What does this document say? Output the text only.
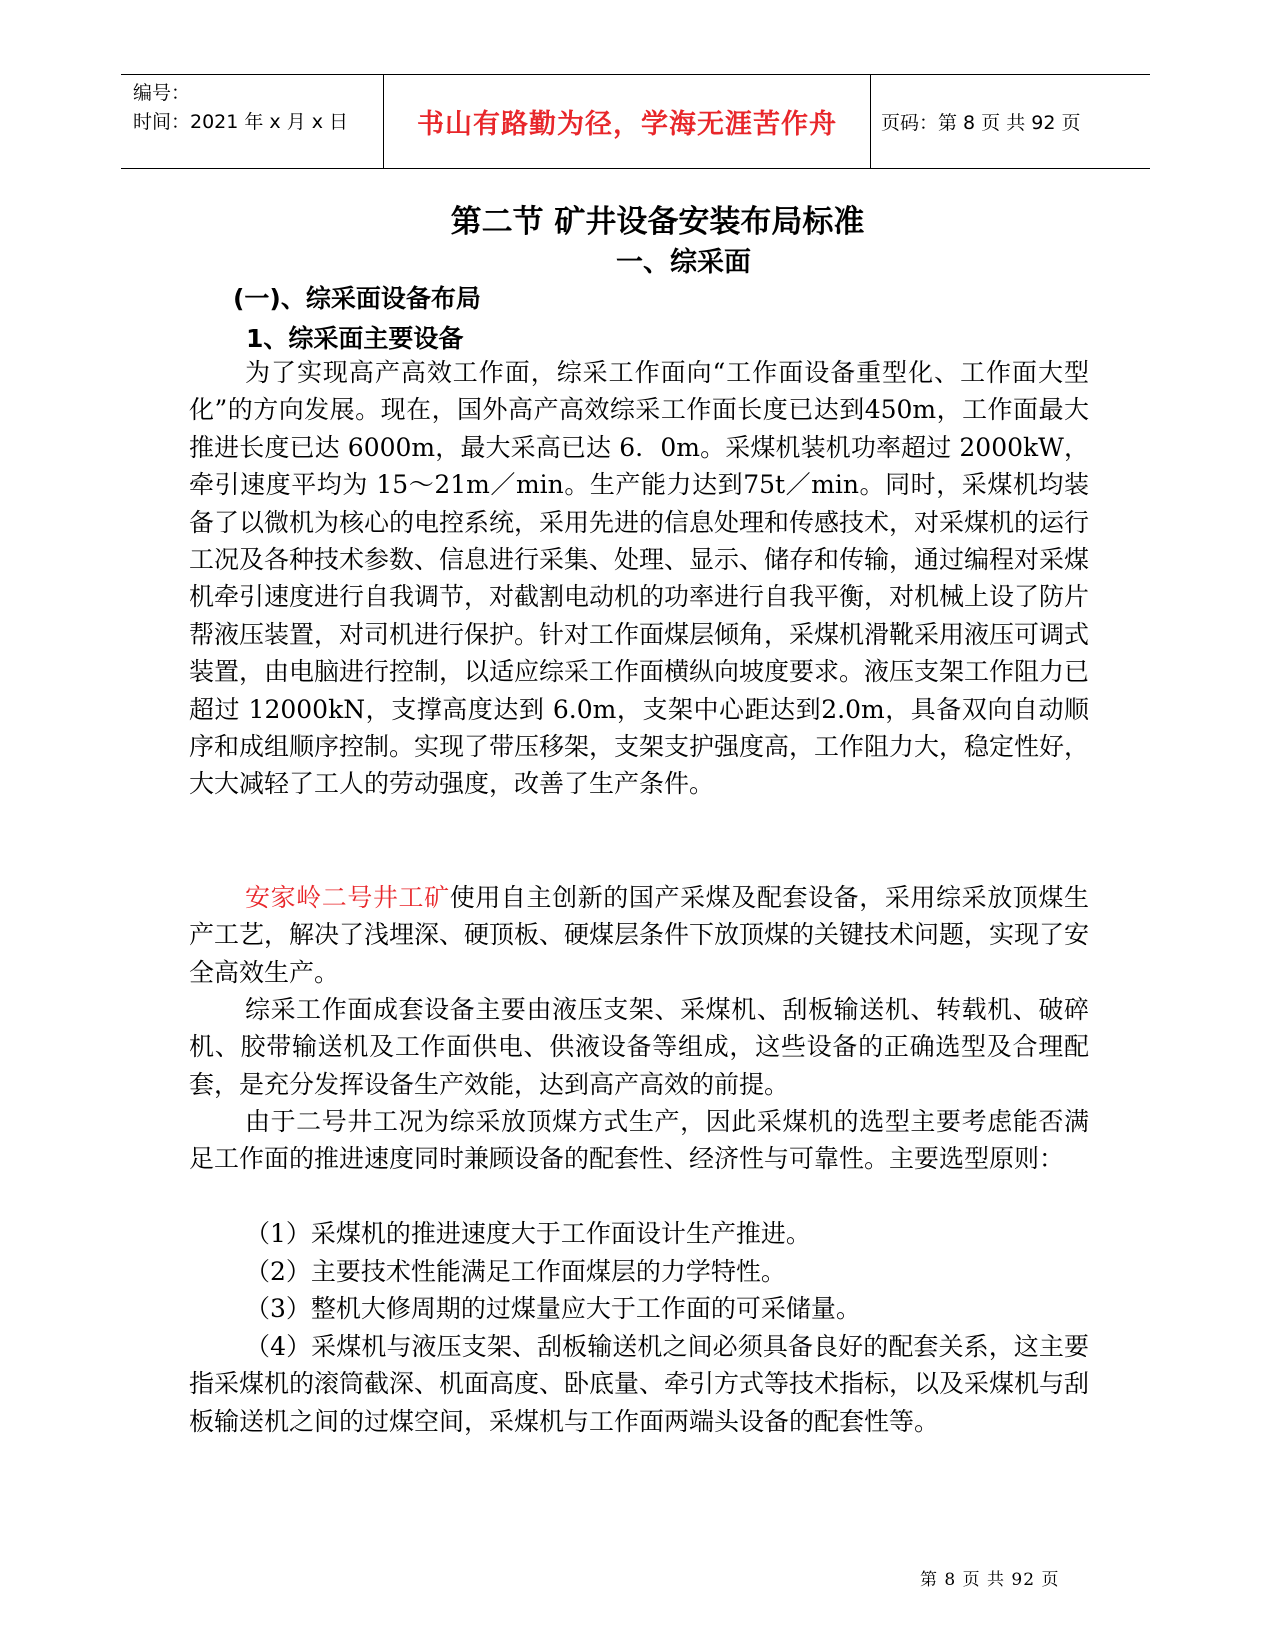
编号：
时间：2021 年 x 月 x 日	书山有路勤为径，学海无涯苦作舟 页码：第 8 页 共 92 页
第二节 矿井设备安装布局标准
一、综采面
(一)、综采面设备布局
1、综采面主要设备

为了实现高产高效工作面，综采工作面向“工作面设备重型化、工作面大型化”的方向发展。现在，国外高产高效综采工作面长度已达到450m，工作面最大推进长度已达 6000m，最大采高已达 6．0m。采煤机装机功率超过 2000kW，牵引速度平均为 15～21m／min。生产能力达到75t／min。同时，采煤机均装备了以微机为核心的电控系统，采用先进的信息处理和传感技术，对采煤机的运行工况及各种技术参数、信息进行采集、处理、显示、储存和传输，通过编程对采煤机牵引速度进行自我调节，对截割电动机的功率进行自我平衡，对机械上设了防片帮液压装置，对司机进行保护。针对工作面煤层倾角，采煤机滑靴采用液压可调式装置，由电脑进行控制，以适应综采工作面横纵向坡度要求。液压支架工作阻力已超过 12000kN，支撑高度达到 6.0m，支架中心距达到2.0m，具备双向自动顺序和成组顺序控制。实现了带压移架，支架支护强度高，工作阻力大，稳定性好，大大减轻了工人的劳动强度，改善了生产条件。

安家岭二号井工矿使用自主创新的国产采煤及配套设备，采用综采放顶煤生产工艺，解决了浅埋深、硬顶板、硬煤层条件下放顶煤的关键技术问题，实现了安全高效生产。

综采工作面成套设备主要由液压支架、采煤机、刮板输送机、转载机、破碎机、胶带输送机及工作面供电、供液设备等组成，这些设备的正确选型及合理配套，是充分发挥设备生产效能，达到高产高效的前提。

由于二号井工况为综采放顶煤方式生产，因此采煤机的选型主要考虑能否满足工作面的推进速度同时兼顾设备的配套性、经济性与可靠性。主要选型原则：

（1）采煤机的推进速度大于工作面设计生产推进。
（2）主要技术性能满足工作面煤层的力学特性。
（3）整机大修周期的过煤量应大于工作面的可采储量。

（4）采煤机与液压支架、刮板输送机之间必须具备良好的配套关系，这主要指采煤机的滚筒截深、机面高度、卧底量、牵引方式等技术指标，以及采煤机与刮板输送机之间的过煤空间，采煤机与工作面两端头设备的配套性等。

第 8 页 共 92 页
